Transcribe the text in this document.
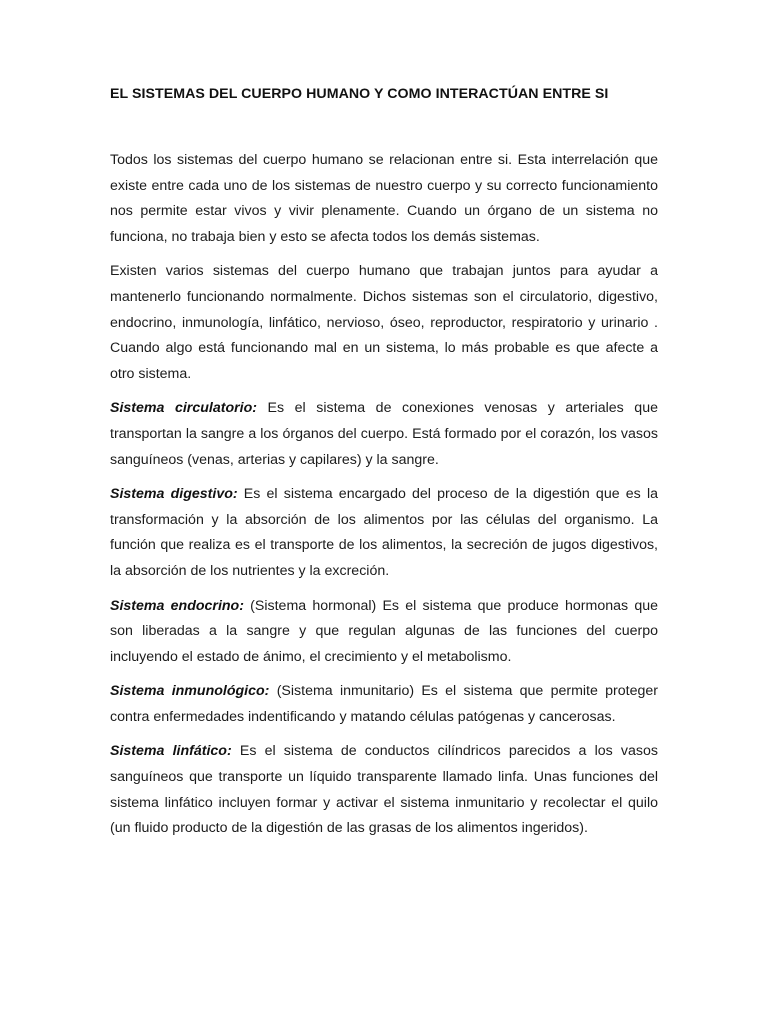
EL SISTEMAS DEL CUERPO HUMANO Y COMO INTERACTÚAN ENTRE SI

Todos los sistemas del cuerpo humano se relacionan entre si. Esta interrelación que existe entre cada uno de los sistemas de nuestro cuerpo y su correcto funcionamiento nos permite estar vivos y vivir plenamente. Cuando un órgano de un sistema no funciona, no trabaja bien y esto se afecta todos los demás sistemas.

Existen varios sistemas del cuerpo humano que trabajan juntos para ayudar a mantenerlo funcionando normalmente. Dichos sistemas son el circulatorio, digestivo, endocrino, inmunología, linfático, nervioso, óseo, reproductor, respiratorio y urinario . Cuando algo está funcionando mal en un sistema, lo más probable es que afecte a otro sistema.

Sistema circulatorio: Es el sistema de conexiones venosas y arteriales que transportan la sangre a los órganos del cuerpo. Está formado por el corazón, los vasos sanguíneos (venas, arterias y capilares) y la sangre.

Sistema digestivo: Es el sistema encargado del proceso de la digestión que es la transformación y la absorción de los alimentos por las células del organismo. La función que realiza es el transporte de los alimentos, la secreción de jugos digestivos, la absorción de los nutrientes y la excreción.

Sistema endocrino: (Sistema hormonal) Es el sistema que produce hormonas que son liberadas a la sangre y que regulan algunas de las funciones del cuerpo incluyendo el estado de ánimo, el crecimiento y el metabolismo.

Sistema inmunológico: (Sistema inmunitario) Es el sistema que permite proteger contra enfermedades indentificando y matando células patógenas y cancerosas.

Sistema linfático: Es el sistema de conductos cilíndricos parecidos a los vasos sanguíneos que transporte un líquido transparente llamado linfa. Unas funciones del sistema linfático incluyen formar y activar el sistema inmunitario y recolectar el quilo (un fluido producto de la digestión de las grasas de los alimentos ingeridos).
